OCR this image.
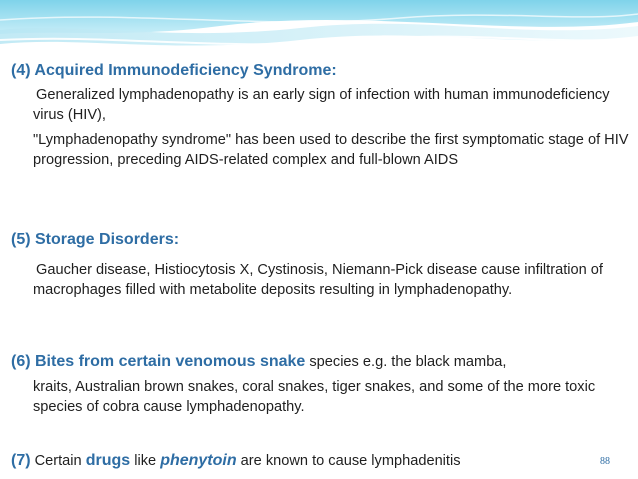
(4) Acquired Immunodeficiency Syndrome:
Generalized lymphadenopathy is an early sign of infection with human immunodeficiency virus (HIV),
"Lymphadenopathy syndrome" has been used to describe the first symptomatic stage of HIV progression, preceding AIDS-related complex and full-blown AIDS
(5) Storage Disorders:
Gaucher disease, Histiocytosis X, Cystinosis, Niemann-Pick disease cause infiltration of macrophages filled with metabolite deposits resulting in lymphadenopathy.
(6) Bites from certain venomous snake species e.g. the black mamba,
kraits, Australian brown snakes, coral snakes, tiger snakes, and some of the more toxic species of cobra cause lymphadenopathy.
(7) Certain drugs like phenytoin are known to cause lymphadenitis	88
